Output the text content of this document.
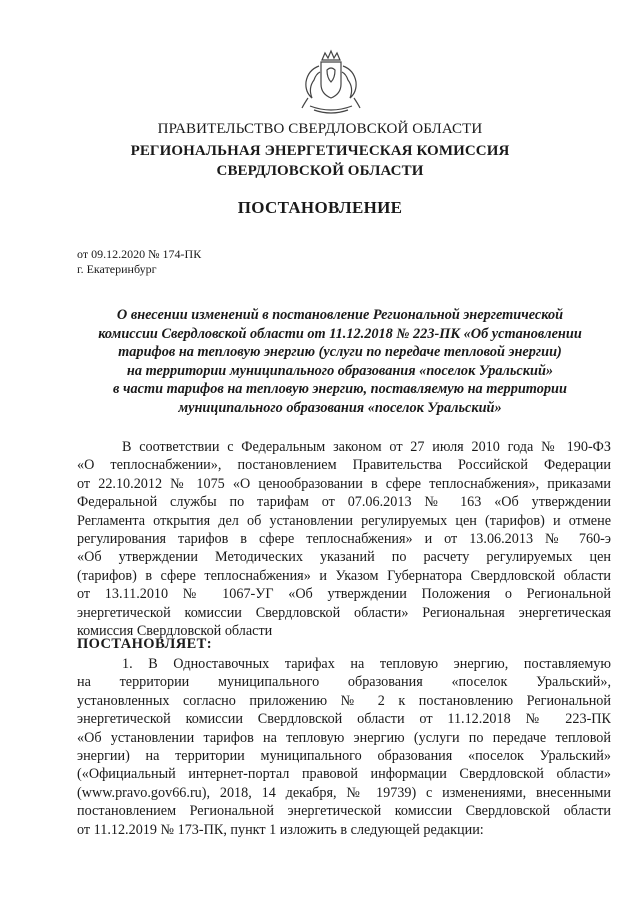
ПРАВИТЕЛЬСТВО СВЕРДЛОВСКОЙ ОБЛАСТИ
РЕГИОНАЛЬНАЯ ЭНЕРГЕТИЧЕСКАЯ КОМИССИЯ
СВЕРДЛОВСКОЙ ОБЛАСТИ
ПОСТАНОВЛЕНИЕ
от 09.12.2020 № 174-ПК
г. Екатеринбург
О внесении изменений в постановление Региональной энергетической
комиссии Свердловской области от 11.12.2018 № 223-ПК «Об установлении
тарифов на тепловую энергию (услуги по передаче тепловой энергии)
на территории муниципального образования «поселок Уральский»
в части тарифов на тепловую энергию, поставляемую на территории
муниципального образования «поселок Уральский»
В соответствии с Федеральным законом от 27 июля 2010 года № 190-ФЗ
«О теплоснабжении», постановлением Правительства Российской Федерации
от 22.10.2012 № 1075 «О ценообразовании в сфере теплоснабжения», приказами
Федеральной службы по тарифам от 07.06.2013 № 163 «Об утверждении
Регламента открытия дел об установлении регулируемых цен (тарифов) и отмене
регулирования тарифов в сфере теплоснабжения» и от 13.06.2013 № 760-э
«Об утверждении Методических указаний по расчету регулируемых цен
(тарифов) в сфере теплоснабжения» и Указом Губернатора Свердловской области
от 13.11.2010 № 1067-УГ «Об утверждении Положения о Региональной
энергетической комиссии Свердловской области» Региональная энергетическая
комиссия Свердловской области
ПОСТАНОВЛЯЕТ:
1. В Одноставочных тарифах на тепловую энергию, поставляемую
на территории муниципального образования «поселок Уральский»,
установленных согласно приложению № 2 к постановлению Региональной
энергетической комиссии Свердловской области от 11.12.2018 № 223-ПК
«Об установлении тарифов на тепловую энергию (услуги по передаче тепловой
энергии) на территории муниципального образования «поселок Уральский»
(«Официальный интернет-портал правовой информации Свердловской области»
(www.pravo.gov66.ru), 2018, 14 декабря, № 19739) с изменениями, внесенными
постановлением Региональной энергетической комиссии Свердловской области
от 11.12.2019 № 173-ПК, пункт 1 изложить в следующей редакции:
